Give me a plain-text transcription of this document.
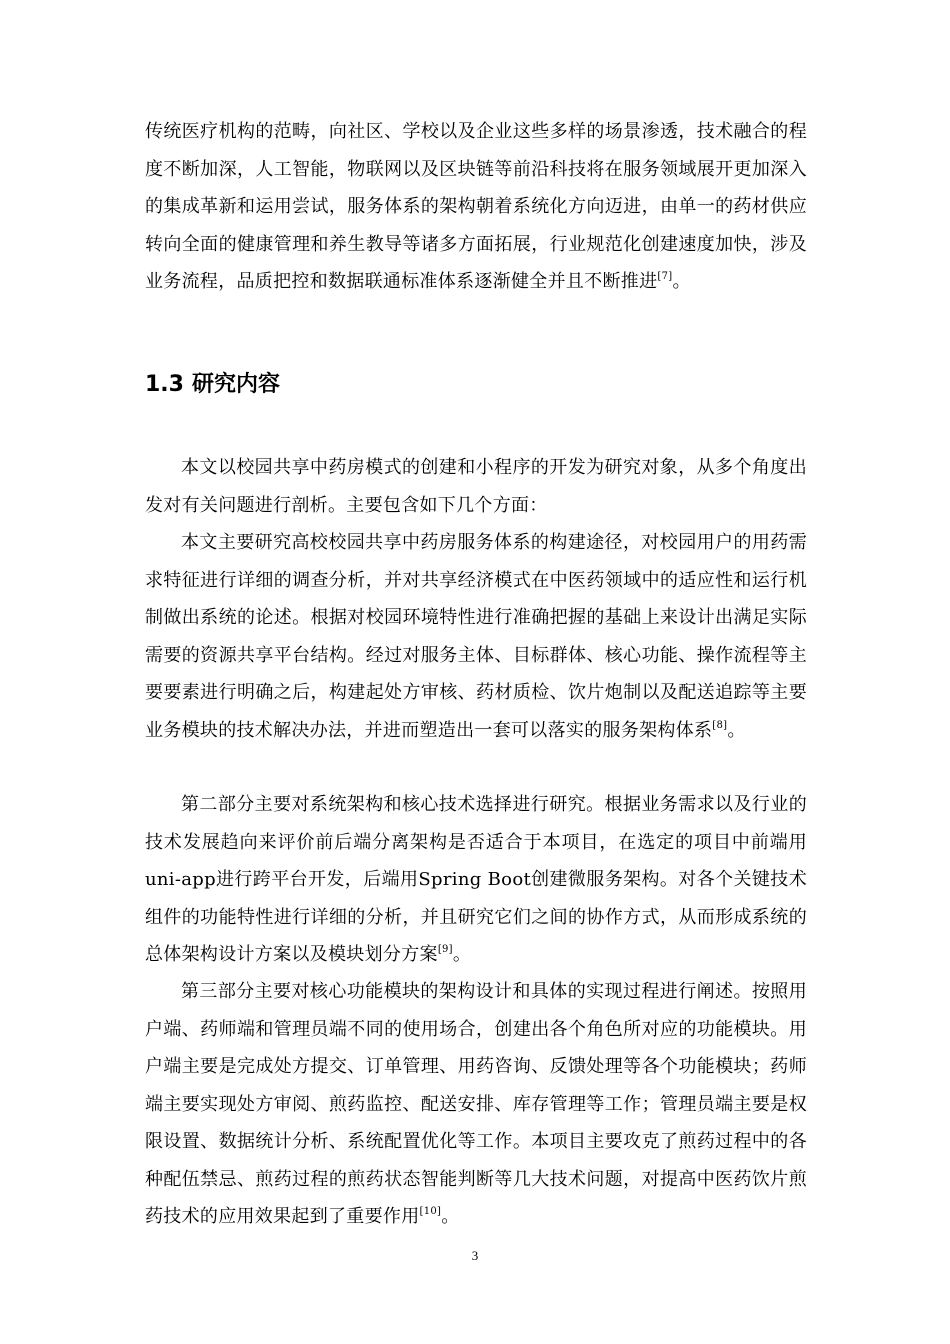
传统医疗机构的范畴，向社区、学校以及企业这些多样的场景渗透，技术融合的程度不断加深，人工智能，物联网以及区块链等前沿科技将在服务领域展开更加深入的集成革新和运用尝试，服务体系的架构朝着系统化方向迈进，由单一的药材供应转向全面的健康管理和养生教导等诸多方面拓展，行业规范化创建速度加快，涉及业务流程，品质把控和数据联通标准体系逐渐健全并且不断推进[7]。

1.3 研究内容

本文以校园共享中药房模式的创建和小程序的开发为研究对象，从多个角度出发对有关问题进行剖析。主要包含如下几个方面：

本文主要研究高校校园共享中药房服务体系的构建途径，对校园用户的用药需求特征进行详细的调查分析，并对共享经济模式在中医药领域中的适应性和运行机制做出系统的论述。根据对校园环境特性进行准确把握的基础上来设计出满足实际需要的资源共享平台结构。经过对服务主体、目标群体、核心功能、操作流程等主要要素进行明确之后，构建起处方审核、药材质检、饮片炮制以及配送追踪等主要业务模块的技术解决办法，并进而塑造出一套可以落实的服务架构体系[8]。

第二部分主要对系统架构和核心技术选择进行研究。根据业务需求以及行业的技术发展趋向来评价前后端分离架构是否适合于本项目，在选定的项目中前端用uni-app进行跨平台开发，后端用Spring Boot创建微服务架构。对各个关键技术组件的功能特性进行详细的分析，并且研究它们之间的协作方式，从而形成系统的总体架构设计方案以及模块划分方案[9]。

第三部分主要对核心功能模块的架构设计和具体的实现过程进行阐述。按照用户端、药师端和管理员端不同的使用场合，创建出各个角色所对应的功能模块。用户端主要是完成处方提交、订单管理、用药咨询、反馈处理等各个功能模块；药师端主要实现处方审阅、煎药监控、配送安排、库存管理等工作；管理员端主要是权限设置、数据统计分析、系统配置优化等工作。本项目主要攻克了煎药过程中的各种配伍禁忌、煎药过程的煎药状态智能判断等几大技术问题，对提高中医药饮片煎药技术的应用效果起到了重要作用[10]。

3
